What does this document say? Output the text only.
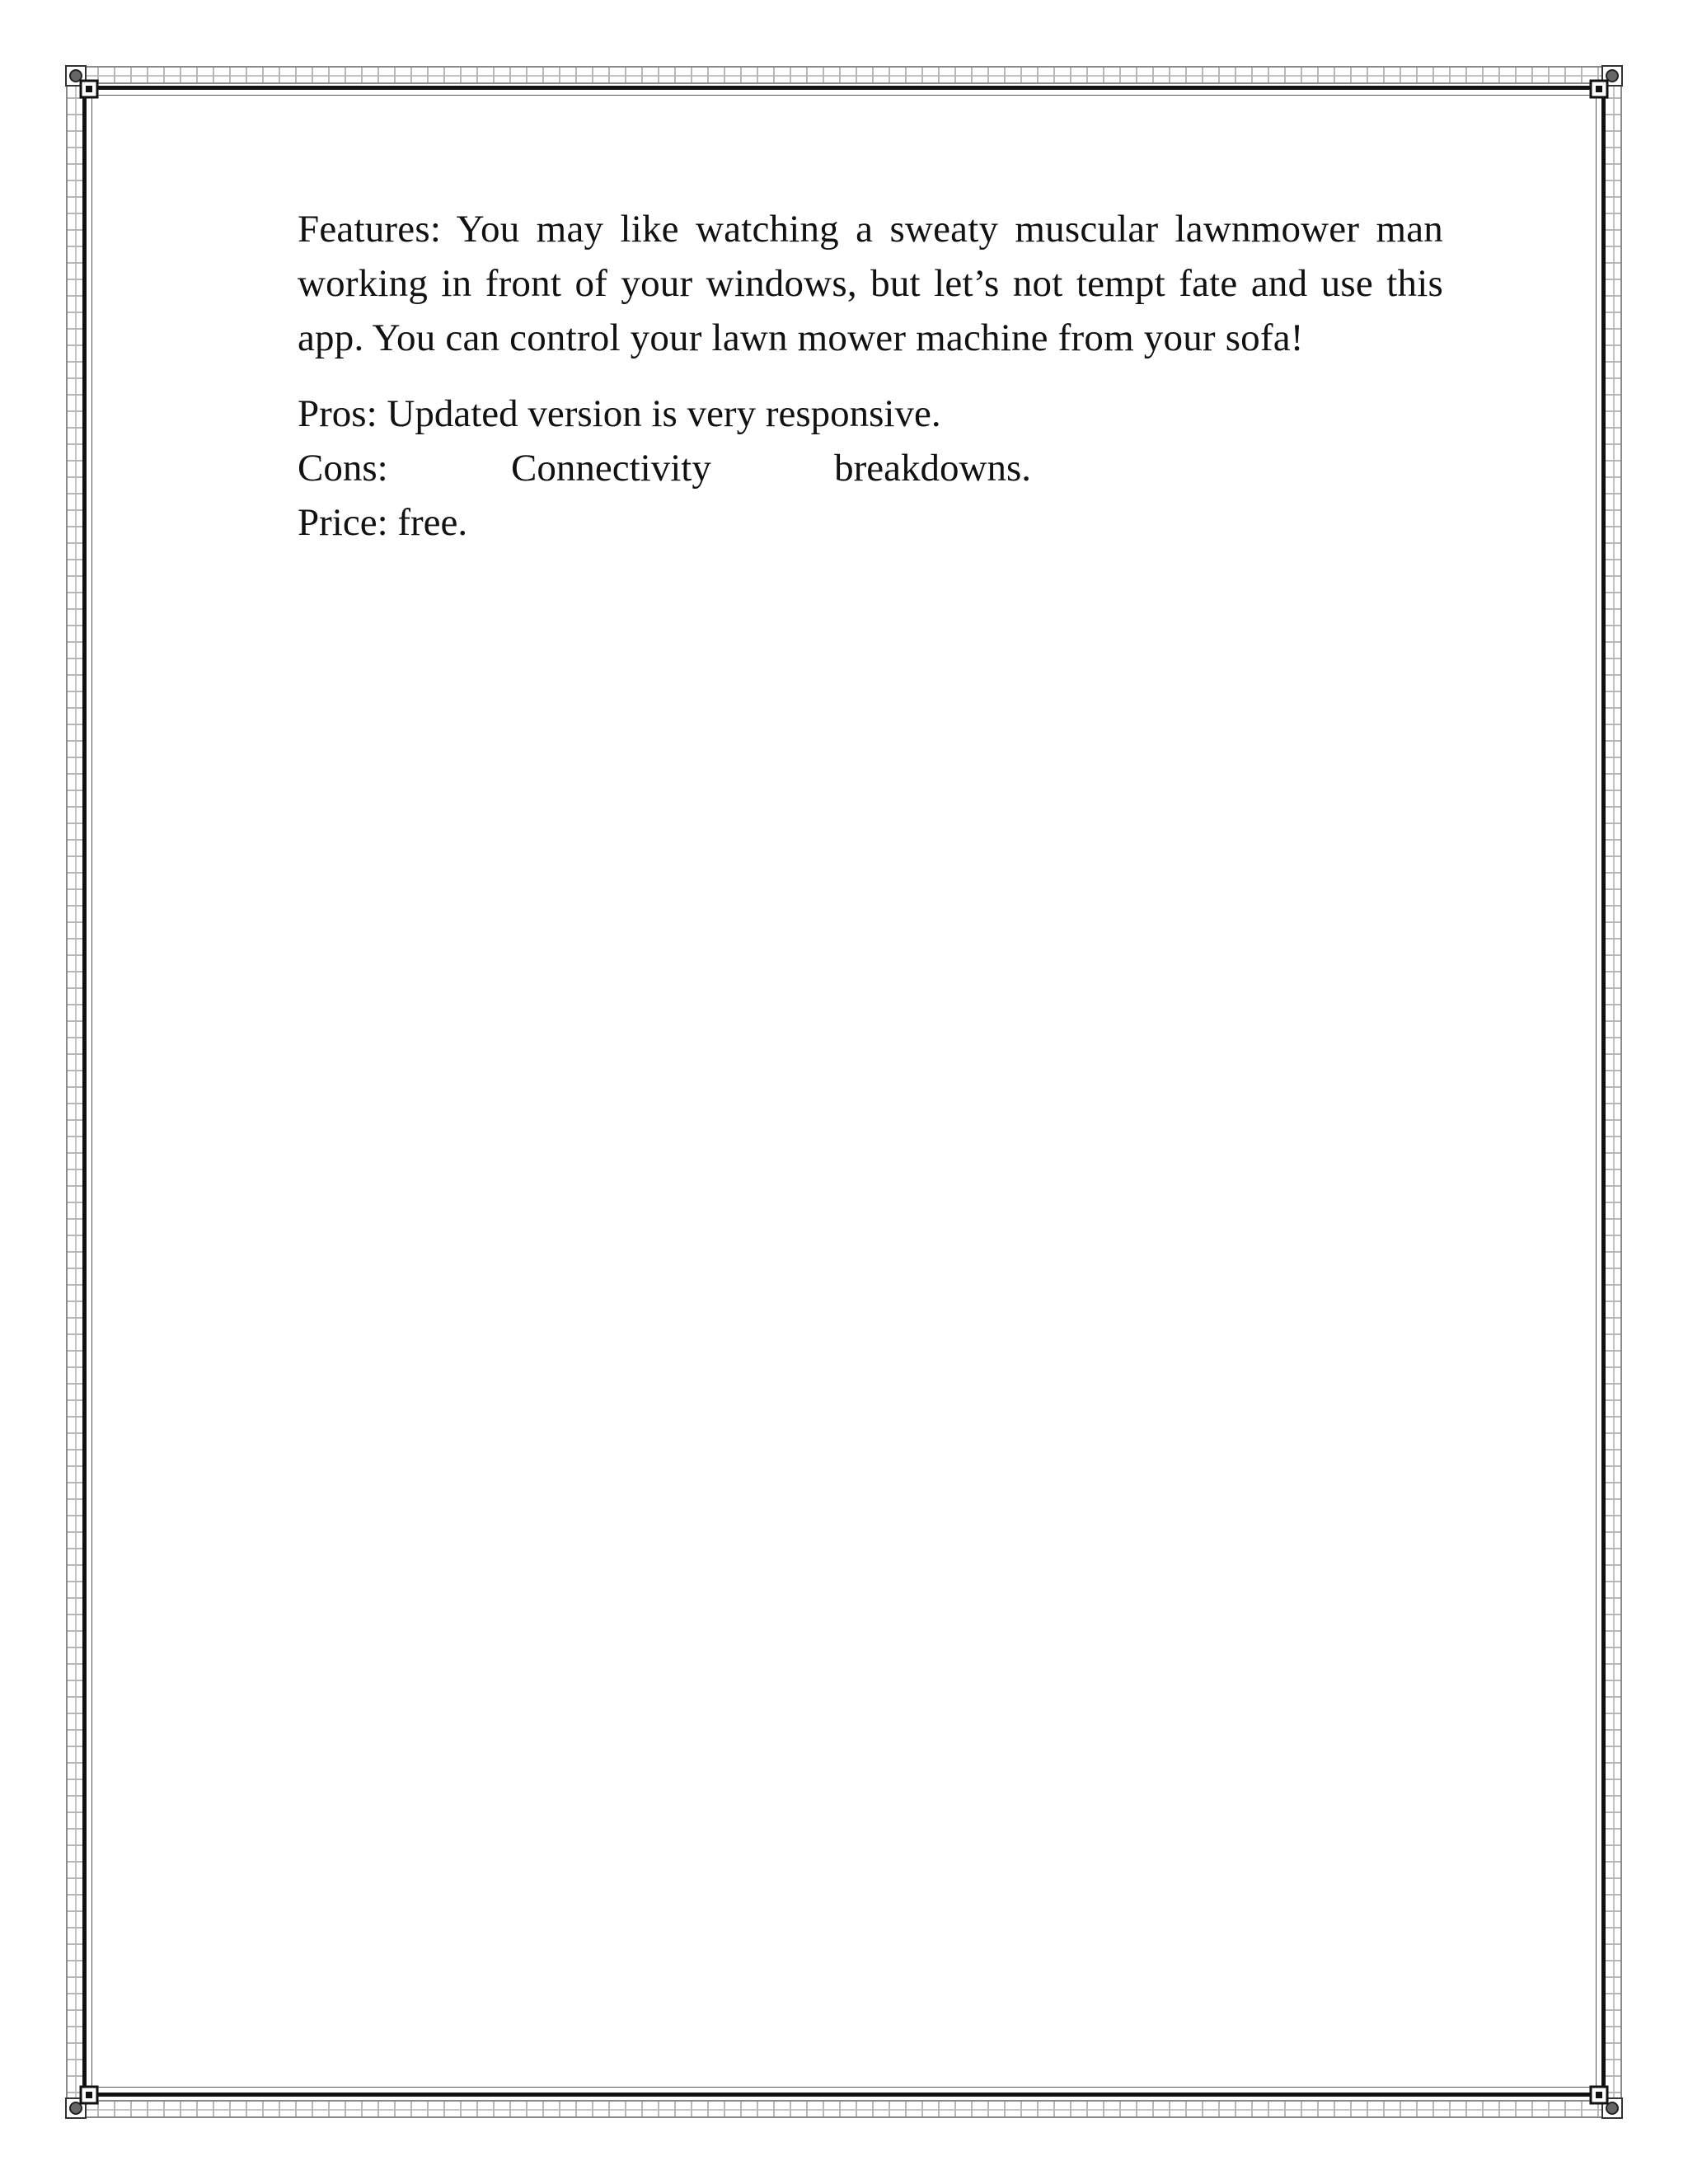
Features: You may like watching a sweaty muscular lawnmower man working in front of your windows, but let’s not tempt fate and use this app. You can control your lawn mower machine from your sofa!

Pros: Updated version is very responsive.
Cons:	Connectivity	breakdowns.
Price: free.
